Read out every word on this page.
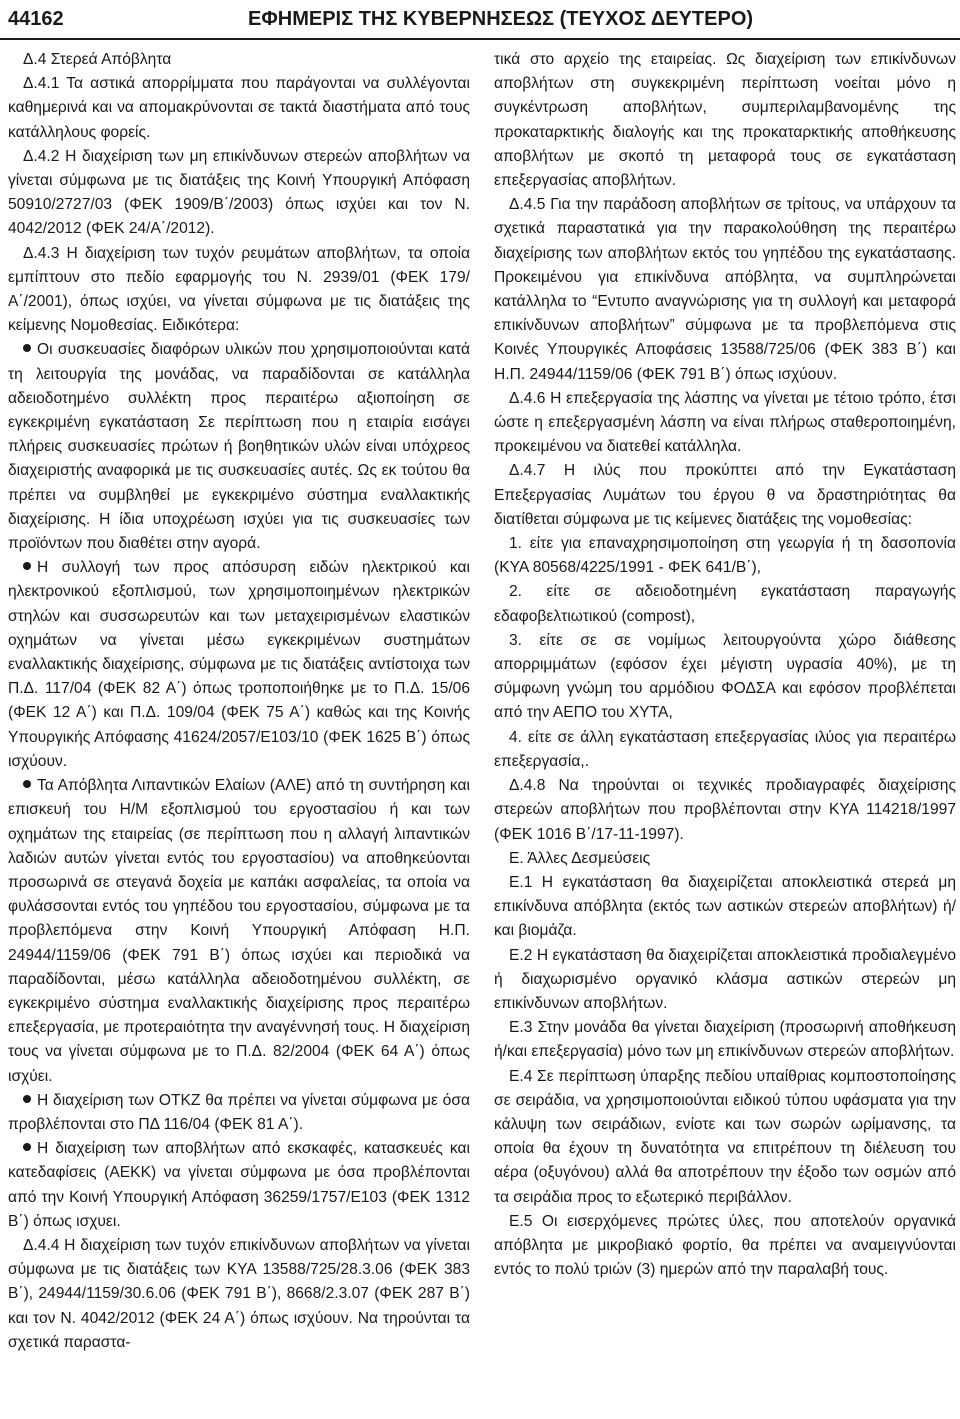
44162	ΕΦΗΜΕΡΙΣ ΤΗΣ ΚΥΒΕΡΝΗΣΕΩΣ (ΤΕΥΧΟΣ ΔΕΥΤΕΡΟ)

Δ.4 Στερεά Απόβλητα

Δ.4.1 Τα αστικά απορρίμματα που παράγονται να συλλέγονται καθημερινά και να απομακρύνονται σε τακτά διαστήματα από τους κατάλληλους φορείς.

Δ.4.2 Η διαχείριση των μη επικίνδυνων στερεών αποβλήτων να γίνεται σύμφωνα με τις διατάξεις της Κοινή Υπουργική Απόφαση 50910/2727/03 (ΦΕΚ 1909/Β΄/2003) όπως ισχύει και τον Ν. 4042/2012 (ΦΕΚ 24/Α΄/2012).

Δ.4.3 Η διαχείριση των τυχόν ρευμάτων αποβλήτων, τα οποία εμπίπτουν στο πεδίο εφαρμογής του Ν. 2939/01 (ΦΕΚ 179/Α΄/2001), όπως ισχύει, να γίνεται σύμφωνα με τις διατάξεις της κείμενης Νομοθεσίας. Ειδικότερα:

Οι συσκευασίες διαφόρων υλικών που χρησιμοποιούνται κατά τη λειτουργία της μονάδας, να παραδίδονται σε κατάλληλα αδειοδοτημένο συλλέκτη προς περαιτέρω αξιοποίηση σε εγκεκριμένη εγκατάσταση Σε περίπτωση που η εταιρία εισάγει πλήρεις συσκευασίες πρώτων ή βοηθητικών υλών είναι υπόχρεος διαχειριστής αναφορικά με τις συσκευασίες αυτές. Ως εκ τούτου θα πρέπει να συμβληθεί με εγκεκριμένο σύστημα εναλλακτικής διαχείρισης. Η ίδια υποχρέωση ισχύει για τις συσκευασίες των προϊόντων που διαθέτει στην αγορά.

Η συλλογή των προς απόσυρση ειδών ηλεκτρικού και ηλεκτρονικού εξοπλισμού, των χρησιμοποιημένων ηλεκτρικών στηλών και συσσωρευτών και των μεταχειρισμένων ελαστικών οχημάτων να γίνεται μέσω εγκεκριμένων συστημάτων εναλλακτικής διαχείρισης, σύμφωνα με τις διατάξεις αντίστοιχα των Π.Δ. 117/04 (ΦΕΚ 82 Α΄) όπως τροποποιήθηκε με το Π.Δ. 15/06 (ΦΕΚ 12 Α΄) και Π.Δ. 109/04 (ΦΕΚ 75 Α΄) καθώς και της Κοινής Υπουργικής Απόφασης 41624/2057/Ε103/10 (ΦΕΚ 1625 Β΄) όπως ισχύουν.

Τα Απόβλητα Λιπαντικών Ελαίων (ΑΛΕ) από τη συντήρηση και επισκευή του Η/Μ εξοπλισμού του εργοστασίου ή και των οχημάτων της εταιρείας (σε περίπτωση που η αλλαγή λιπαντικών λαδιών αυτών γίνεται εντός του εργοστασίου) να αποθηκεύονται προσωρινά σε στεγανά δοχεία με καπάκι ασφαλείας, τα οποία να φυλάσσονται εντός του γηπέδου του εργοστασίου, σύμφωνα με τα προβλεπόμενα στην Κοινή Υπουργική Απόφαση Η.Π. 24944/1159/06 (ΦΕΚ 791 Β΄) όπως ισχύει και περιοδικά να παραδίδονται, μέσω κατάλληλα αδειοδοτημένου συλλέκτη, σε εγκεκριμένο σύστημα εναλλακτικής διαχείρισης προς περαιτέρω επεξεργασία, με προτεραιότητα την αναγέννησή τους. Η διαχείριση τους να γίνεται σύμφωνα με το Π.Δ. 82/2004 (ΦΕΚ 64 Α΄) όπως ισχύει.

Η διαχείριση των ΟΤΚΖ θα πρέπει να γίνεται σύμφωνα με όσα προβλέπονται στο ΠΔ 116/04 (ΦΕΚ 81 Α΄).

Η διαχείριση των αποβλήτων από εκσκαφές, κατασκευές και κατεδαφίσεις (ΑΕΚΚ) να γίνεται σύμφωνα με όσα προβλέπονται από την Κοινή Υπουργική Απόφαση 36259/1757/Ε103 (ΦΕΚ 1312 Β΄) όπως ισχυει.

Δ.4.4 Η διαχείριση των τυχόν επικίνδυνων αποβλήτων να γίνεται σύμφωνα με τις διατάξεις των ΚΥΑ 13588/725/28.3.06 (ΦΕΚ 383 Β΄), 24944/1159/30.6.06 (ΦΕΚ 791 Β΄), 8668/2.3.07 (ΦΕΚ 287 Β΄) και τον Ν. 4042/2012 (ΦΕΚ 24 Α΄) όπως ισχύουν. Να τηρούνται τα σχετικά παραστα-

τικά στο αρχείο της εταιρείας. Ως διαχείριση των επικίνδυνων αποβλήτων στη συγκεκριμένη περίπτωση νοείται μόνο η συγκέντρωση αποβλήτων, συμπεριλαμβανομένης της προκαταρκτικής διαλογής και της προκαταρκτικής αποθήκευσης αποβλήτων με σκοπό τη μεταφορά τους σε εγκατάσταση επεξεργασίας αποβλήτων.

Δ.4.5 Για την παράδοση αποβλήτων σε τρίτους, να υπάρχουν τα σχετικά παραστατικά για την παρακολούθηση της περαιτέρω διαχείρισης των αποβλήτων εκτός του γηπέδου της εγκατάστασης. Προκειμένου για επικίνδυνα απόβλητα, να συμπληρώνεται κατάλληλα το “Εντυπο αναγνώρισης για τη συλλογή και μεταφορά επικίνδυνων αποβλήτων” σύμφωνα με τα προβλεπόμενα στις Κοινές Υπουργικές Αποφάσεις 13588/725/06 (ΦΕΚ 383 Β΄) και Η.Π. 24944/1159/06 (ΦΕΚ 791 Β΄) όπως ισχύουν.

Δ.4.6 Η επεξεργασία της λάσπης να γίνεται με τέτοιο τρόπο, έτσι ώστε η επεξεργασμένη λάσπη να είναι πλήρως σταθεροποιημένη, προκειμένου να διατεθεί κατάλληλα.

Δ.4.7 Η ιλύς που προκύπτει από την Εγκατάσταση Επεξεργασίας Λυμάτων του έργου θ να δραστηριότητας θα διατίθεται σύμφωνα με τις κείμενες διατάξεις της νομοθεσίας:

1. είτε για επαναχρησιμοποίηση στη γεωργία ή τη δασοπονία (ΚΥΑ 80568/4225/1991 - ΦΕΚ 641/Β΄),

2. είτε σε αδειοδοτημένη εγκατάσταση παραγωγής εδαφοβελτιωτικού (compost),

3. είτε σε σε νομίμως λειτουργούντα χώρο διάθεσης απορριμμάτων (εφόσον έχει μέγιστη υγρασία 40%), με τη σύμφωνη γνώμη του αρμόδιου ΦΟΔΣΑ και εφόσον προβλέπεται από την ΑΕΠΟ του ΧΥΤΑ,

4. είτε σε άλλη εγκατάσταση επεξεργασίας ιλύος για περαιτέρω επεξεργασία,.

Δ.4.8 Να τηρούνται οι τεχνικές προδιαγραφές διαχείρισης στερεών αποβλήτων που προβλέπονται στην ΚΥΑ 114218/1997 (ΦΕΚ 1016 Β΄/17-11-1997).

Ε. Άλλες Δεσμεύσεις

Ε.1 Η εγκατάσταση θα διαχειρίζεται αποκλειστικά στερεά μη επικίνδυνα απόβλητα (εκτός των αστικών στερεών αποβλήτων) ή/και βιομάζα.

Ε.2 Η εγκατάσταση θα διαχειρίζεται αποκλειστικά προδιαλεγμένο ή διαχωρισμένο οργανικό κλάσμα αστικών στερεών μη επικίνδυνων αποβλήτων.

Ε.3 Στην μονάδα θα γίνεται διαχείριση (προσωρινή αποθήκευση ή/και επεξεργασία) μόνο των μη επικίνδυνων στερεών αποβλήτων.

Ε.4 Σε περίπτωση ύπαρξης πεδίου υπαίθριας κομποστοποίησης σε σειράδια, να χρησιμοποιούνται ειδικού τύπου υφάσματα για την κάλυψη των σειράδιων, ενίοτε και των σωρών ωρίμανσης, τα οποία θα έχουν τη δυνατότητα να επιτρέπουν τη διέλευση του αέρα (οξυγόνου) αλλά θα αποτρέπουν την έξοδο των οσμών από τα σειράδια προς το εξωτερικό περιβάλλον.

Ε.5 Οι εισερχόμενες πρώτες ύλες, που αποτελούν οργανικά απόβλητα με μικροβιακό φορτίο, θα πρέπει να αναμειγνύονται εντός το πολύ τριών (3) ημερών από την παραλαβή τους.
